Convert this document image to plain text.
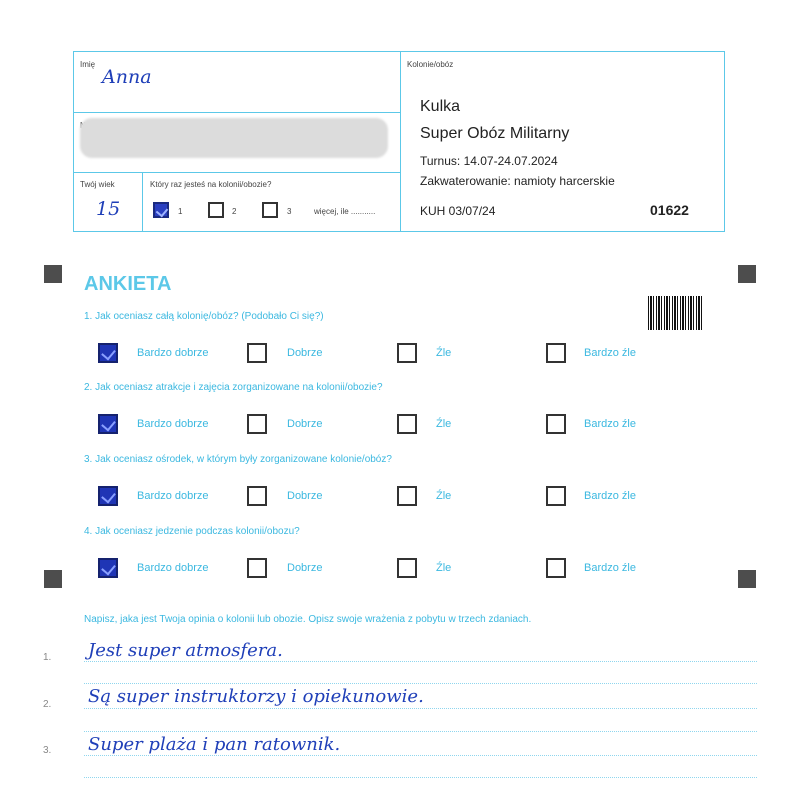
Imię
Anna
Twój wiek
15
Który raz jesteś na kolonii/obozie?
1	2	3	więcej, ile ...........
Kolonie/obóz
Kulka
Super Obóz Militarny
Turnus: 14.07-24.07.2024
Zakwaterowanie: namioty harcerskie
KUH 03/07/24	01622
ANKIETA
1. Jak oceniasz całą kolonię/obóz? (Podobało Ci się?)
Bardzo dobrze	Dobrze	Źle	Bardzo źle
2. Jak oceniasz atrakcje i zajęcia zorganizowane na kolonii/obozie?
Bardzo dobrze	Dobrze	Źle	Bardzo źle
3. Jak oceniasz ośrodek, w którym były zorganizowane kolonie/obóz?
Bardzo dobrze	Dobrze	Źle	Bardzo źle
4. Jak oceniasz jedzenie podczas kolonii/obozu?
Bardzo dobrze	Dobrze	Źle	Bardzo źle
Napisz, jaka jest Twoja opinia o kolonii lub obozie. Opisz swoje wrażenia z pobytu w trzech zdaniach.
1. Jest super atmosfera.
2. Są super instruktorzy i opiekunowie.
3. Super plaża i pan ratownik.
